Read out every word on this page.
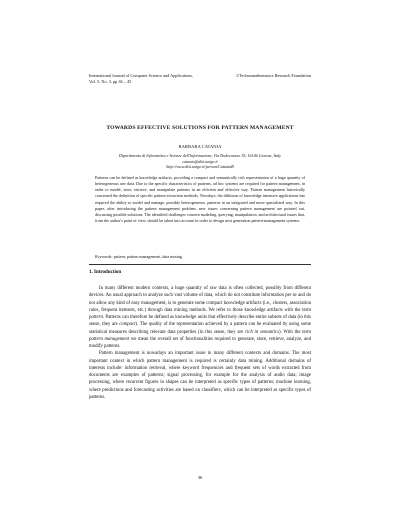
International Journal of Computer Science and Applications,	©Technomathematics Research Foundation
Vol. 5, No. 3, pp 36 – 45
TOWARDS EFFECTIVE SOLUTIONS FOR PATTERN MANAGEMENT
BARBARA CATANIA
Dipartimento di Informatica e Scienze dell'Informazione, Via Dodecaneso 35, 16146 Genova, Italy
catania@disi.unige.it
http://www.disi.unige.it/person/CataniaB
Patterns can be defined as knowledge artifacts, providing a compact and semantically rich representation of a huge quantity of heterogeneous raw data. Due to the specific characteristics of patterns, ad hoc systems are required for pattern management, in order to model, store, retrieve, and manipulate patterns in an efficient and effective way. Pattern management historically concerned the definition of specific pattern extraction methods. Nowdays, the diffusion of knowledge intensive applications has required the ability to model and manage, possibly heterogeneous, patterns in an integrated and more specialized way. In this paper, after introducing the pattern management problem, new issues concerning pattern management are pointed out, discussing possible solutions. The identified challenges concern modeling, querying, manipulation, and architectural issues that, from the author's point of view, should be taken into account in order to design next generation pattern-management systems.
Keywords: pattern, pattern management, data mining.
1. Introduction

In many different modern contexts, a huge quantity of raw data is often collected, possibly from different devices. An usual approach to analyze such vast volume of data, which do not constitute information per se and do not allow any kind of easy management, is to generate some compact knowledge artifacts (i.e., clusters, association rules, frequent itemsets, etc.) through data mining methods. We refer to those knowledge artifacts with the term pattern. Patterns can therefore be defined as knowledge units that effectively describe entire subsets of data (in this sense, they are compact). The quality of the representation achieved by a pattern can be evaluated by using some statistical measures describing relevant data properties (in this sense, they are rich in semantics). With the term pattern management we mean the overall set of functionalities required to generate, store, retrieve, analyze, and modify patterns.

Pattern management is nowadays an important issue in many different contexts and domains. The most important context in which pattern management is required is certainly data mining. Additional domains of interests include: information retrieval, where keyword frequencies and frequent sets of words extracted from documents are examples of patterns; signal processing, for example for the analysis of audio data; image processing, where recurrent figures in shapes can be interpreted as specific types of patterns; machine learning, where predictions and forecasting activities are based on classifiers, which can be interpreted as specific types of patterns.

36
